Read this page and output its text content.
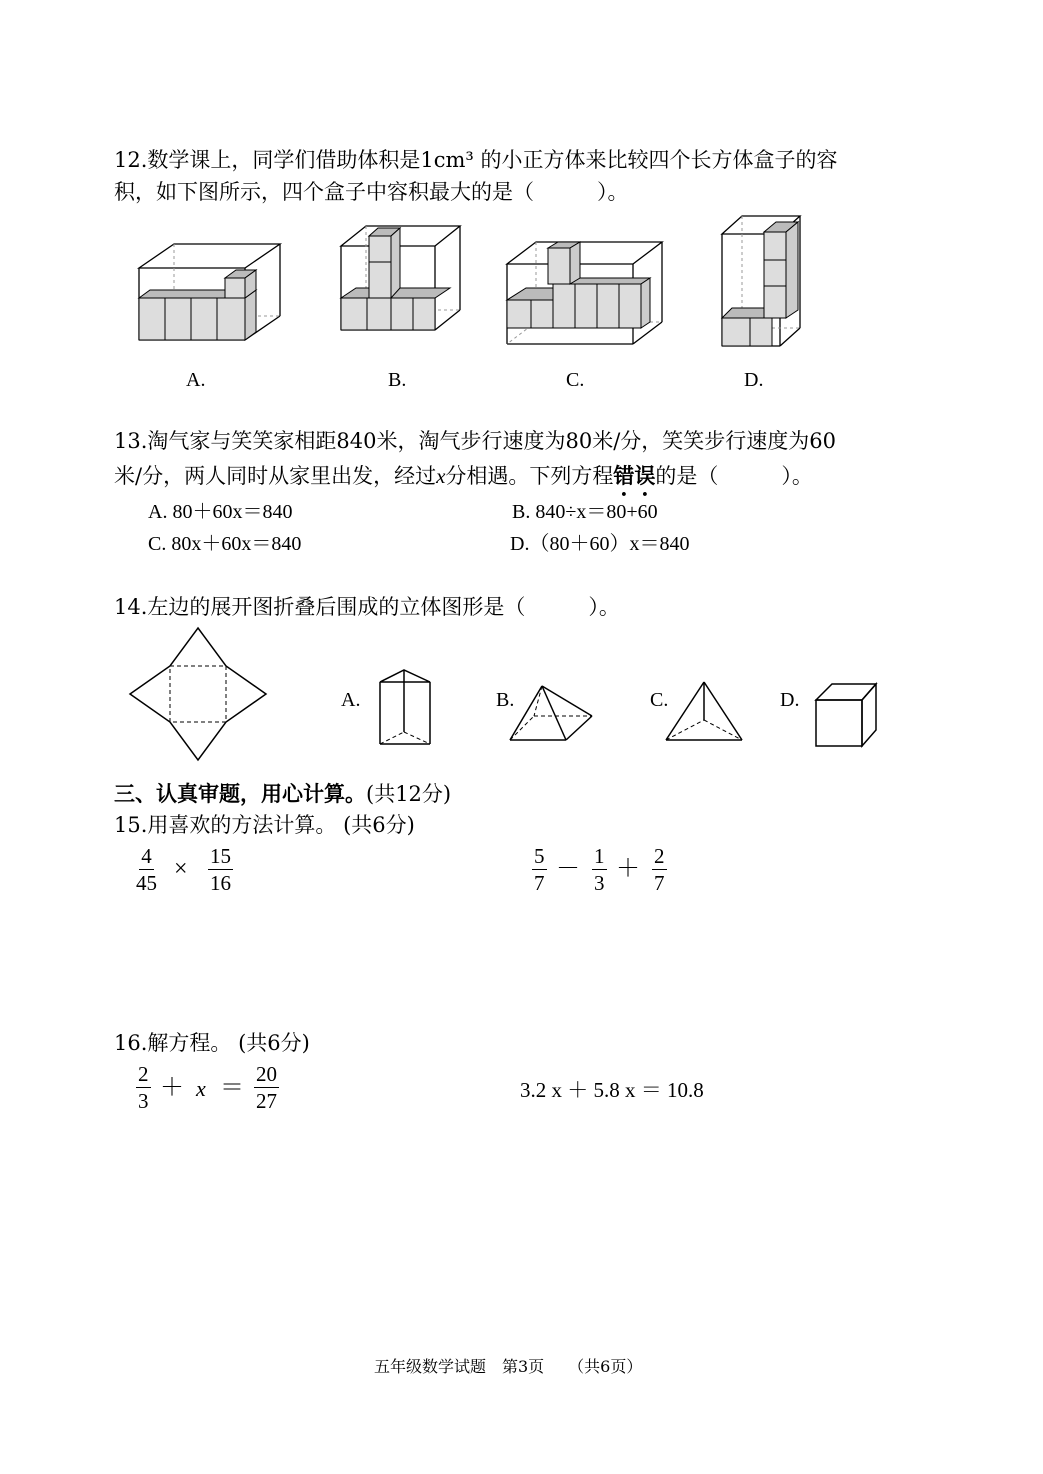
12.数学课上，同学们借助体积是1cm³ 的小正方体来比较四个长方体盒子的容
积，如下图所示，四个盒子中容积最大的是（　　　）。
A.	B.	C.	D.
13.淘气家与笑笑家相距840米，淘气步行速度为80米/分，笑笑步行速度为60
米/分，两人同时从家里出发，经过x分相遇。下列方程错误的是（　　　）。
A. 80＋60x＝840	B. 840÷x＝80+60
C. 80x＋60x＝840	D.（80＋60）x＝840
14.左边的展开图折叠后围成的立体图形是（　　　）。
A.	B.	C.	D.
三、认真审题，用心计算。(共12分)
15.用喜欢的方法计算。 (共6分)
$\frac{4}{45} \times \frac{15}{16}$	$\frac{5}{7} - \frac{1}{3} + \frac{2}{7}$
16.解方程。 (共6分)
$\frac{2}{3} + x = \frac{20}{27}$	3.2 x ＋ 5.8 x ＝ 10.8
五年级数学试题　第3页　　（共6页）
